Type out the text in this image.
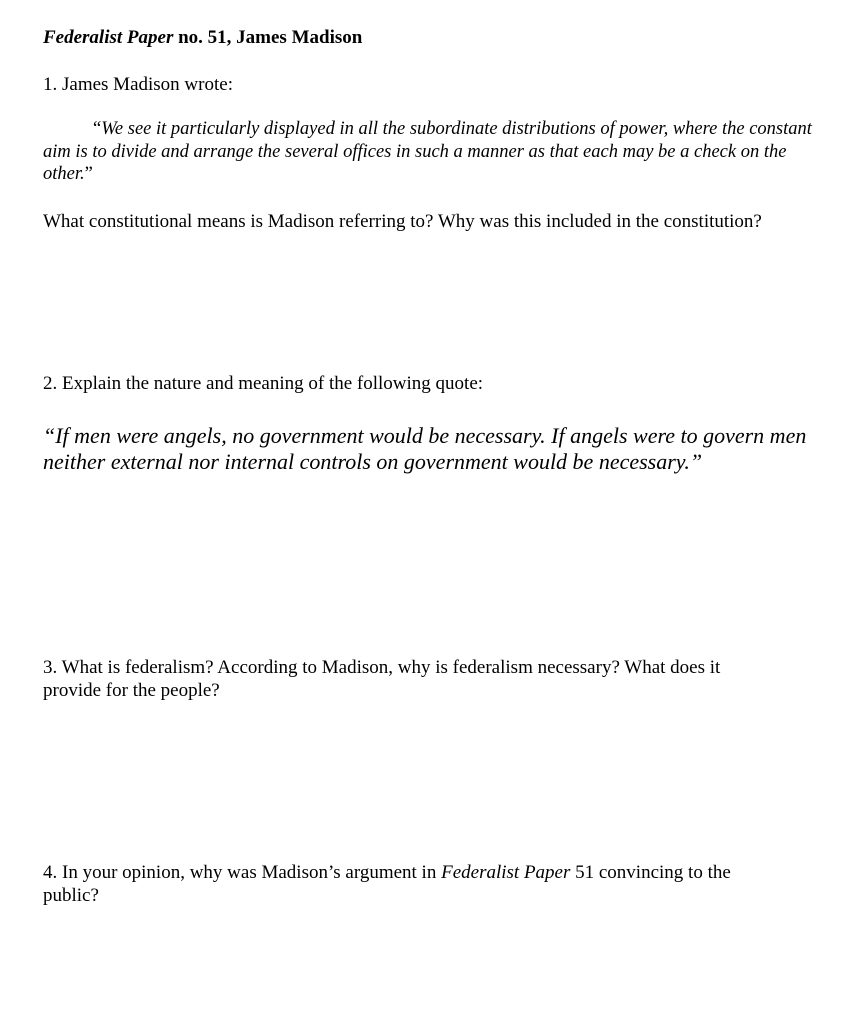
Federalist Paper no. 51, James Madison
1. James Madison wrote:
“We see it particularly displayed in all the subordinate distributions of power, where the constant aim is to divide and arrange the several offices in such a manner as that each may be a check on the other.”
What constitutional means is Madison referring to? Why was this included in the constitution?
2. Explain the nature and meaning of the following quote:
“If men were angels, no government would be necessary. If angels were to govern men neither external nor internal controls on government would be necessary.”
3. What is federalism? According to Madison, why is federalism necessary? What does it provide for the people?
4. In your opinion, why was Madison’s argument in Federalist Paper 51 convincing to the public?
